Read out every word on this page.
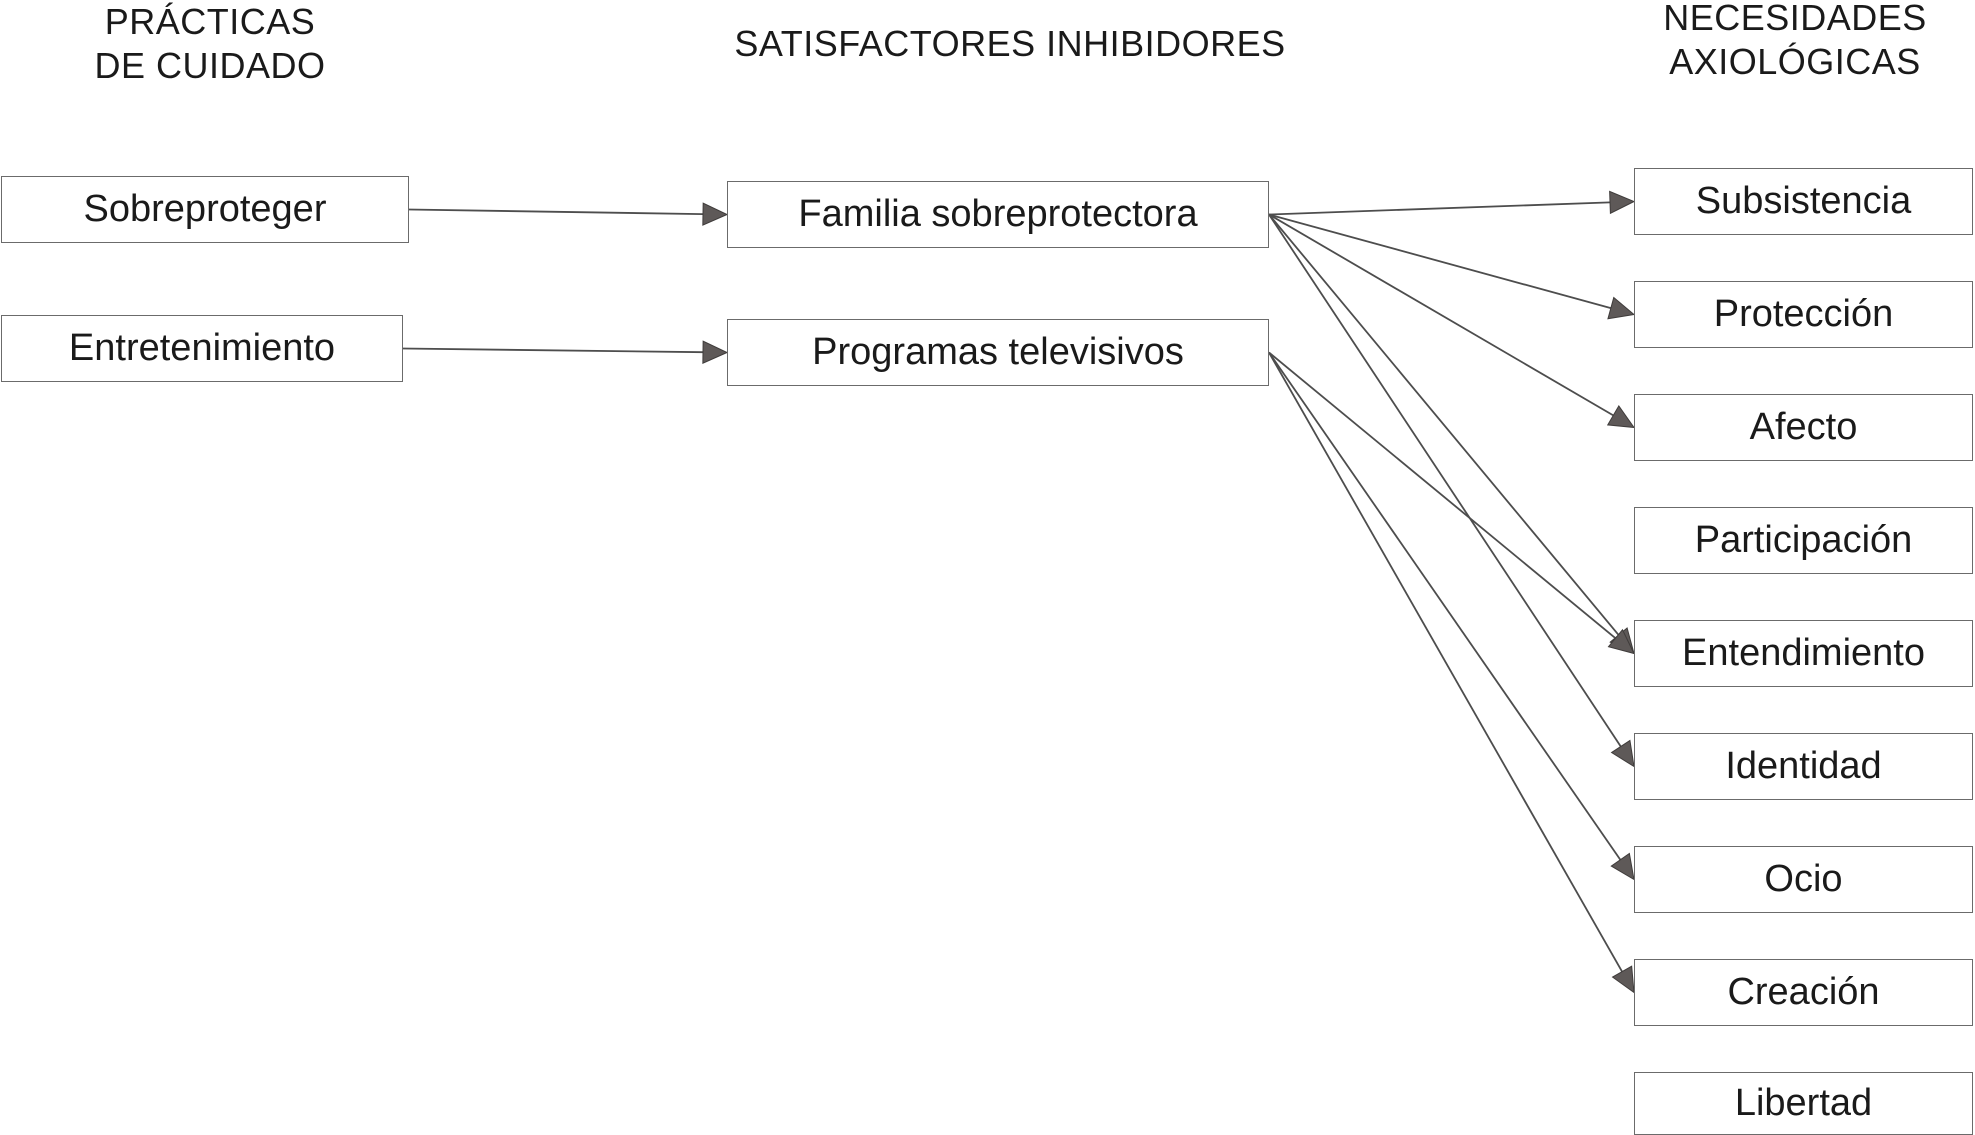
PRÁCTICAS
DE CUIDADO
SATISFACTORES INHIBIDORES
NECESIDADES
AXIOLÓGICAS
Sobreproteger
Entretenimiento
Familia sobreprotectora
Programas televisivos
Subsistencia
Protección
Afecto
Participación
Entendimiento
Identidad
Ocio
Creación
Libertad
